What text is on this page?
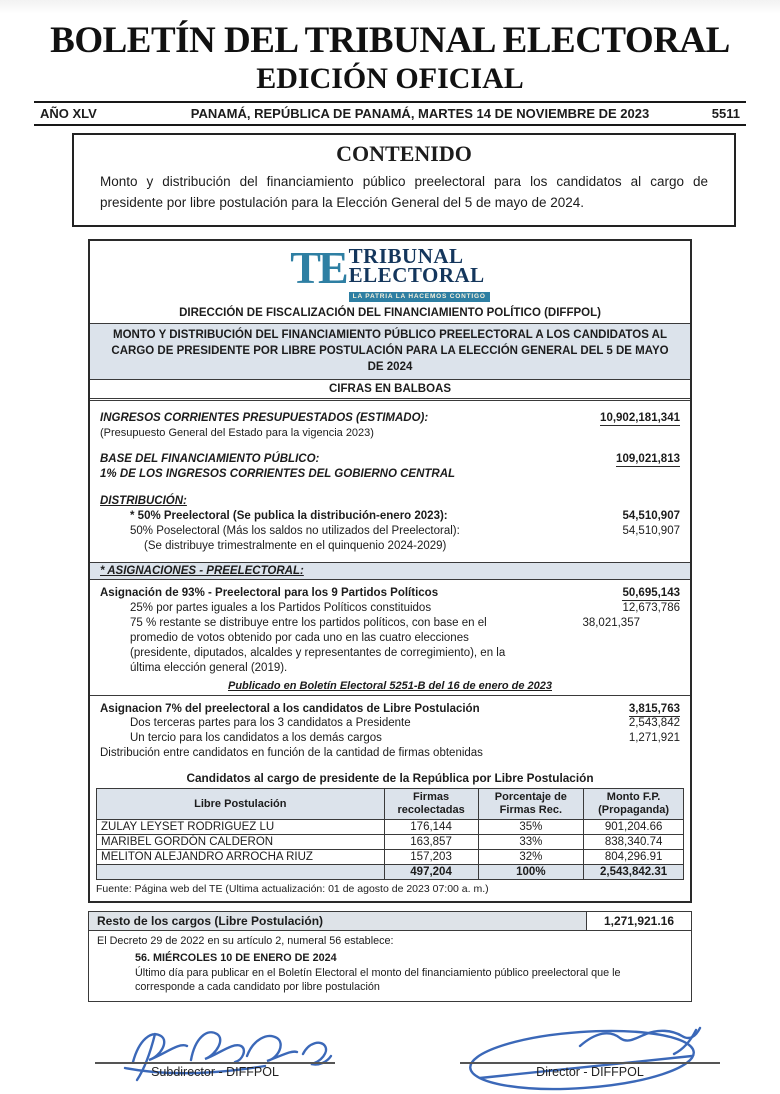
BOLETÍN DEL TRIBUNAL ELECTORAL
EDICIÓN OFICIAL
AÑO XLV	PANAMÁ, REPÚBLICA DE PANAMÁ, MARTES 14 DE NOVIEMBRE DE 2023	5511
CONTENIDO
Monto y distribución del financiamiento público preelectoral para los candidatos al cargo de presidente por libre postulación para la Elección General del 5 de mayo de 2024.
TE TRIBUNAL
ELECTORAL
LA PATRIA LA HACEMOS CONTIGO
DIRECCIÓN DE FISCALIZACIÓN DEL FINANCIAMIENTO POLÍTICO (DIFFPOL)
MONTO Y DISTRIBUCIÓN DEL FINANCIAMIENTO PÚBLICO PREELECTORAL A LOS CANDIDATOS AL CARGO DE PRESIDENTE POR LIBRE POSTULACIÓN PARA LA ELECCIÓN GENERAL DEL 5 DE MAYO DE 2024
CIFRAS EN BALBOAS
INGRESOS CORRIENTES PRESUPUESTADOS (ESTIMADO):	10,902,181,341
(Presupuesto General del Estado para la vigencia 2023)
BASE DEL FINANCIAMIENTO PÚBLICO:	109,021,813
1% DE LOS INGRESOS CORRIENTES DEL GOBIERNO CENTRAL
DISTRIBUCIÓN:
* 50% Preelectoral (Se publica la distribución-enero 2023):	54,510,907
50% Poselectoral (Más los saldos no utilizados del Preelectoral):	54,510,907
(Se distribuye trimestralmente en el quinquenio 2024-2029)
* ASIGNACIONES - PREELECTORAL:
Asignación de 93% - Preelectoral para los 9 Partidos Políticos	50,695,143
25% por partes iguales a los Partidos Políticos constituidos	12,673,786
75 % restante se distribuye entre los partidos políticos, con base en el promedio de votos obtenido por cada uno en las cuatro elecciones (presidente, diputados, alcaldes y representantes de corregimiento), en la última elección general (2019).
38,021,357
Publicado en Boletín Electoral 5251-B del 16 de enero de 2023
Asignacion 7% del preelectoral a los candidatos de Libre Postulación	3,815,763
Dos terceras partes para los 3 candidatos a Presidente	2,543,842
Un tercio para los candidatos a los demás cargos	1,271,921
Distribución entre candidatos en función de la cantidad de firmas obtenidas
Candidatos al cargo de presidente de la República por Libre Postulación
Libre Postulación	Firmas recolectadas	Porcentaje de Firmas Rec.	Monto F.P. (Propaganda)
ZULAY LEYSET RODRIGUEZ LU	176,144	35%	901,204.66
MARIBEL GORDÓN CALDERON	163,857	33%	838,340.74
MELITON ALEJANDRO ARROCHA RIUZ	157,203	32%	804,296.91
	497,204	100%	2,543,842.31
Fuente: Página web del TE (Ultima actualización: 01 de agosto de 2023 07:00 a. m.)
Resto de los cargos (Libre Postulación)	1,271,921.16
El Decreto 29 de 2022 en su artículo 2, numeral 56 establece:
56. MIÉRCOLES 10 DE ENERO DE 2024
Último día para publicar en el Boletín Electoral el monto del financiamiento público preelectoral que le corresponde a cada candidato por libre postulación
Subdirector - DIFFPOL	Director - DIFFPOL
